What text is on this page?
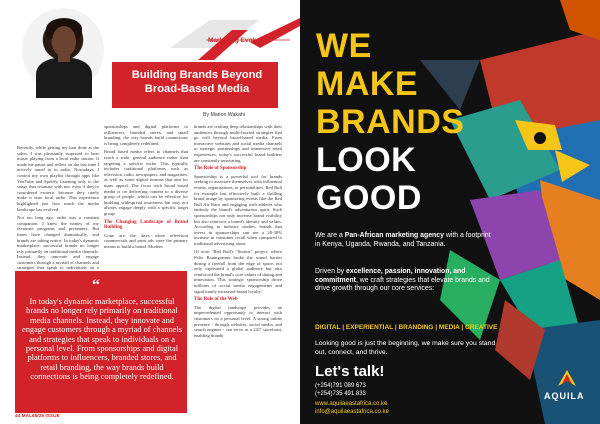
Marketing Evolution
Building Brands Beyond
Broad-Based Media
By Marion Wakahi

Recently, while getting my hair done at the salon, I was pleasantly surprised to hear music playing from a local radio station. It made me pause and reflect on the last time I actively tuned in to radio. Nowadays, I control my own playlist through apps like YouTube and Spotify, listening only to the songs that resonate with me, even if they're considered esoteric because they rarely make it onto local radio. This experience highlighted just how much the media landscape has evolved.

Not too long ago, radio was a constant companion. I knew the names of my favourite programs and presenters. But times have changed dramatically, and brands are taking notice. In today's dynamic marketplace, successful brands no longer rely primarily on traditional media channels. Instead, they innovate and engage customers through a myriad of channels and strategies that speak to individuals on a

sponsorships and digital platforms to influencers, branded stores, and small branding, the way brands build connections is being completely redefined.

Broad based media refers to channels that reach a wide, general audience rather than targeting a specific niche. This typically includes traditional platforms such as television, radio, newspapers, and magazines, as well as some digital formats that aim for mass appeal. The focus with broad based media is on delivering content to a diverse group of people, which can be effective for building widespread awareness but may not always engage deeply with a specific target group.

The Changing Landscape of Brand Building

Gone are the days when television commercials and print ads were the primary means to build a brand. Modern

brands are crafting deep relationships with their audiences through multi-faceted strategies that go well beyond broad-based media. From interactive websites and social media channels to strategic partnerships and immersive retail experiences, today's successful brand builders are constantly innovating.

The Role of Sponsorship

Sponsorship is a powerful tool for brands seeking to associate themselves with influential events, organisations, or personalities. Red Bull for example has effectively built a thrilling brand image by sponsoring events like the Red Bull Air Race and engaging with athletes who embody the brand's adventurous spirit. Such sponsorships not only increase brand visibility but also reinforce a brand's identity and values. According to industry studies, brands that invest in sponsorships can see a 20-30% increase in consumer recall when compared to traditional advertising alone.

Of note: 'Red Bull's "Stratos" project, where Felix Baumgartner broke the sound barrier during a freefall from the edge of space, not only captivated a global audience but also reinforced the brand's core values of daring and innovation. This strategic sponsorship drove millions of social media engagements and significantly increased brand loyalty.'

The Role of the Web

The digital landscape provides an unprecedented opportunity to interact with customers on a personal level. A strong online presence - through websites, social media, and search engines - can serve as a 24/7 storefront, enabling brands

“
In today's dynamic marketplace, successful brands no longer rely primarily on traditional media channels. Instead, they innovate and engage customers through a myriad of channels and strategies that speak to individuals on a personal level. From sponsorships and digital platforms to influencers, branded stores, and retail branding, the way brands build connections is being completely redefined.
44 MAL65/25 ISSUE
WE
MAKE
BRANDS
LOOK
GOOD
We are a Pan-African marketing agency with a footprint in Kenya, Uganda, Rwanda, and Tanzania.
Driven by excellence, passion, innovation, and commitment, we craft strategies that elevate brands and drive growth through our core services:
DIGITAL | EXPERIENTIAL | BRANDING | MEDIA | CREATIVE
Looking good is just the beginning, we make sure you stand out, connect, and thrive.
Let's talk!
(+254)791 089 673
(+254)735 491 833
www.aquilaeastafrica.co.ke
info@aquilaeastafrica.co.ke
AQUILA
